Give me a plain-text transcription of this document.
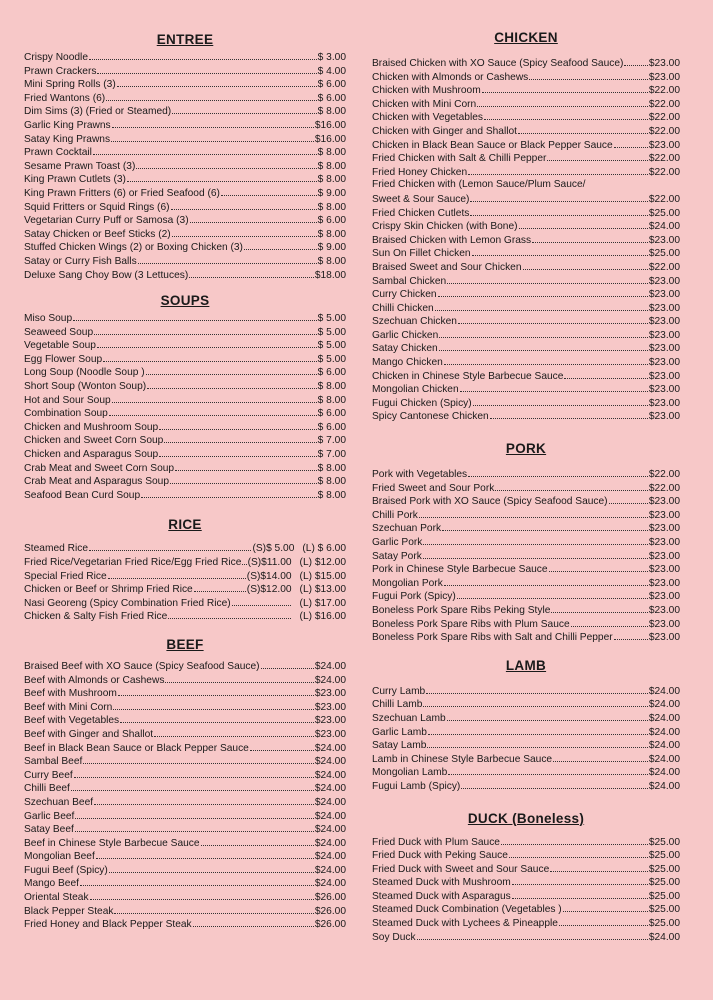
ENTREE
Crispy Noodle	$ 3.00
Prawn Crackers	$ 4.00
Mini Spring Rolls (3)	$ 6.00
Fried Wantons (6)	$ 6.00
Dim Sims (3) (Fried or Steamed)	$ 8.00
Garlic King Prawns	$16.00
Satay King Prawns	$16.00
Prawn Cocktail	$ 8.00
Sesame Prawn Toast (3)	$ 8.00
King Prawn Cutlets (3)	$ 8.00
King Prawn Fritters (6) or Fried Seafood (6)	$ 9.00
Squid Fritters or Squid Rings (6)	$ 8.00
Vegetarian Curry Puff or Samosa (3)	$ 6.00
Satay Chicken or Beef Sticks (2)	$ 8.00
Stuffed Chicken Wings (2) or Boxing Chicken (3)	$ 9.00
Satay or Curry Fish Balls	$ 8.00
Deluxe Sang Choy Bow (3 Lettuces)	$18.00
SOUPS
Miso Soup	$ 5.00
Seaweed Soup	$ 5.00
Vegetable Soup	$ 5.00
Egg Flower Soup	$ 5.00
Long Soup (Noodle Soup )	$ 6.00
Short Soup (Wonton Soup)	$ 8.00
Hot and Sour Soup	$ 8.00
Combination Soup	$ 6.00
Chicken and Mushroom Soup	$ 6.00
Chicken and Sweet Corn Soup	$ 7.00
Chicken and Asparagus Soup	$ 7.00
Crab Meat and Sweet Corn Soup	$ 8.00
Crab Meat and Asparagus Soup	$ 8.00
Seafood Bean Curd Soup	$ 8.00
RICE
Steamed Rice	(S)$ 5.00 (L) $ 6.00
Fried Rice/Vegetarian Fried Rice/Egg Fried Rice (S)$11.00 (L) $12.00
Special Fried Rice	(S)$14.00 (L) $15.00
Chicken or Beef or Shrimp Fried Rice	(S)$12.00 (L) $13.00
Nasi Georeng (Spicy Combination Fried Rice)	(L) $17.00
Chicken & Salty Fish Fried Rice	(L) $16.00
BEEF
Braised Beef with XO Sauce (Spicy Seafood Sauce)	$24.00
Beef with Almonds or Cashews	$24.00
Beef with Mushroom	$23.00
Beef with Mini Corn	$23.00
Beef with Vegetables	$23.00
Beef with Ginger and Shallot	$23.00
Beef in Black Bean Sauce or Black Pepper Sauce	$24.00
Sambal Beef	$24.00
Curry Beef	$24.00
Chilli Beef	$24.00
Szechuan Beef	$24.00
Garlic Beef	$24.00
Satay Beef	$24.00
Beef in Chinese Style Barbecue Sauce	$24.00
Mongolian Beef	$24.00
Fugui Beef (Spicy)	$24.00
Mango Beef	$24.00
Oriental Steak	$26.00
Black Pepper Steak	$26.00
Fried Honey and Black Pepper Steak	$26.00
CHICKEN
Braised Chicken with XO Sauce (Spicy Seafood Sauce) $23.00
Chicken with Almonds or Cashews	$23.00
Chicken with Mushroom	$22.00
Chicken with Mini Corn	$22.00
Chicken with Vegetables	$22.00
Chicken with Ginger and Shallot	$22.00
Chicken in Black Bean Sauce or Black Pepper Sauce	$23.00
Fried Chicken with Salt & Chilli Pepper	$22.00
Fried Honey Chicken	$22.00
Fried Chicken with (Lemon Sauce/Plum Sauce/
Sweet & Sour Sauce)	$22.00
Fried Chicken Cutlets	$25.00
Crispy Skin Chicken (with Bone)	$24.00
Braised Chicken with Lemon Grass	$23.00
Sun On Fillet Chicken	$25.00
Braised Sweet and Sour Chicken	$22.00
Sambal Chicken	$23.00
Curry Chicken	$23.00
Chilli Chicken	$23.00
Szechuan Chicken	$23.00
Garlic Chicken	$23.00
Satay Chicken	$23.00
Mango Chicken	$23.00
Chicken in Chinese Style Barbecue Sauce	$23.00
Mongolian Chicken	$23.00
Fugui Chicken (Spicy)	$23.00
Spicy Cantonese Chicken	$23.00
PORK
Pork with Vegetables	$22.00
Fried Sweet and Sour Pork	$22.00
Braised Pork with XO Sauce (Spicy Seafood Sauce)	$23.00
Chilli Pork	$23.00
Szechuan Pork	$23.00
Garlic Pork	$23.00
Satay Pork	$23.00
Pork in Chinese Style Barbecue Sauce	$23.00
Mongolian Pork	$23.00
Fugui Pork (Spicy)	$23.00
Boneless Pork Spare Ribs Peking Style	$23.00
Boneless Pork Spare Ribs with Plum Sauce	$23.00
Boneless Pork Spare Ribs with Salt and Chilli Pepper	$23.00
LAMB
Curry Lamb	$24.00
Chilli Lamb	$24.00
Szechuan Lamb	$24.00
Garlic Lamb	$24.00
Satay Lamb	$24.00
Lamb in Chinese Style Barbecue Sauce	$24.00
Mongolian Lamb	$24.00
Fugui Lamb (Spicy)	$24.00
DUCK (Boneless)
Fried Duck with Plum Sauce	$25.00
Fried Duck with Peking Sauce	$25.00
Fried Duck with Sweet and Sour Sauce	$25.00
Steamed Duck with Mushroom	$25.00
Steamed Duck with Asparagus	$25.00
Steamed Duck Combination (Vegetables )	$25.00
Steamed Duck with Lychees & Pineapple	$25.00
Soy Duck	$24.00
